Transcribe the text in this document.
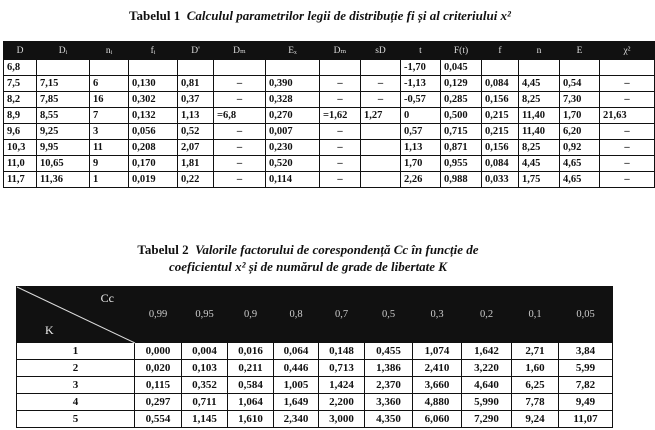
Tabelul 1 Calculul parametrilor legii de distribuție fi și al criteriului x²
D	Dᵢ	nᵢ	fᵢ	D'	Dₘ	Eₓ	Dₘ	sD	t	F(t)	f	n	E	χ²
6,8									-1,70	0,045				
7,5	7,15	6	0,130	0,81	–	0,390	–	–	-1,13	0,129	0,084	4,45	0,54	–
8,2	7,85	16	0,302	0,37	–	0,328	–	–	-0,57	0,285	0,156	8,25	7,30	–
8,9	8,55	7	0,132	1,13	=6,8	0,270	=1,62	1,27	0	0,500	0,215	11,40	1,70	21,63
9,6	9,25	3	0,056	0,52	–	0,007	–		0,57	0,715	0,215	11,40	6,20	–
10,3	9,95	11	0,208	2,07	–	0,230	–		1,13	0,871	0,156	8,25	0,92	–
11,0	10,65	9	0,170	1,81	–	0,520	–		1,70	0,955	0,084	4,45	4,65	–
11,7	11,36	1	0,019	0,22	–	0,114	–		2,26	0,988	0,033	1,75	4,65	–
Tabelul 2 Valorile factorului de corespondență Cc în funcție de
coeficientul x² și de numărul de grade de libertate K
Cc
K	0,99	0,95	0,9	0,8	0,7	0,5	0,3	0,2	0,1	0,05
1	0,000	0,004	0,016	0,064	0,148	0,455	1,074	1,642	2,71	3,84
2	0,020	0,103	0,211	0,446	0,713	1,386	2,410	3,220	1,60	5,99
3	0,115	0,352	0,584	1,005	1,424	2,370	3,660	4,640	6,25	7,82
4	0,297	0,711	1,064	1,649	2,200	3,360	4,880	5,990	7,78	9,49
5	0,554	1,145	1,610	2,340	3,000	4,350	6,060	7,290	9,24	11,07
